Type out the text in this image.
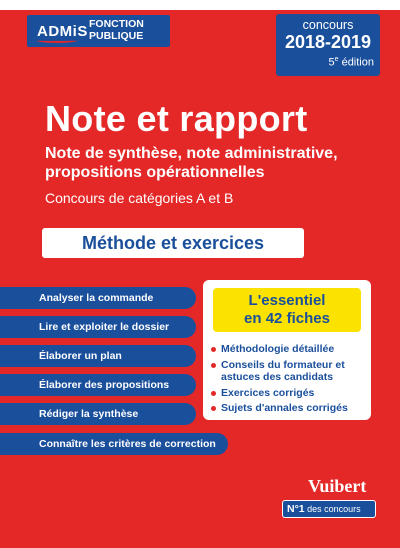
ADMiS FONCTION
PUBLIQUE
concours
2018-2019
5e édition
Note et rapport
Note de synthèse, note administrative, propositions opérationnelles
Concours de catégories A et B
Méthode et exercices
Analyser la commande
Lire et exploiter le dossier
Élaborer un plan
Élaborer des propositions
Rédiger la synthèse
Connaître les critères de correction
L'essentiel
en 42 fiches
Méthodologie détaillée
Conseils du formateur et astuces des candidats
Exercices corrigés
Sujets d'annales corrigés
Vuibert
N°1 des concours
